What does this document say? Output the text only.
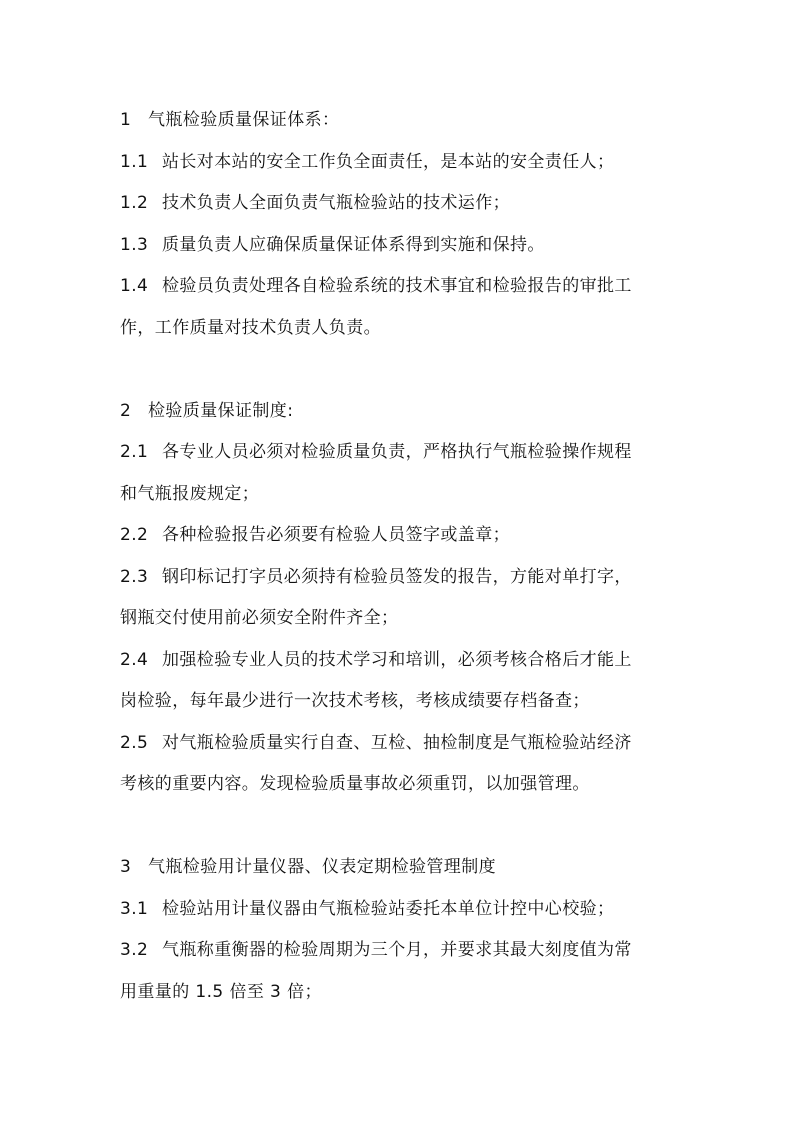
1 气瓶检验质量保证体系：
1.1 站长对本站的安全工作负全面责任，是本站的安全责任人；
1.2 技术负责人全面负责气瓶检验站的技术运作；
1.3 质量负责人应确保质量保证体系得到实施和保持。
1.4 检验员负责处理各自检验系统的技术事宜和检验报告的审批工
作，工作质量对技术负责人负责。
2 检验质量保证制度:
2.1 各专业人员必须对检验质量负责，严格执行气瓶检验操作规程
和气瓶报废规定；
2.2 各种检验报告必须要有检验人员签字或盖章；
2.3 钢印标记打字员必须持有检验员签发的报告，方能对单打字，
钢瓶交付使用前必须安全附件齐全；
2.4 加强检验专业人员的技术学习和培训，必须考核合格后才能上
岗检验，每年最少进行一次技术考核，考核成绩要存档备查；
2.5 对气瓶检验质量实行自查、互检、抽检制度是气瓶检验站经济
考核的重要内容。发现检验质量事故必须重罚，以加强管理。
3 气瓶检验用计量仪器、仪表定期检验管理制度
3.1 检验站用计量仪器由气瓶检验站委托本单位计控中心校验；
3.2 气瓶称重衡器的检验周期为三个月，并要求其最大刻度值为常
用重量的 1.5 倍至 3 倍；
